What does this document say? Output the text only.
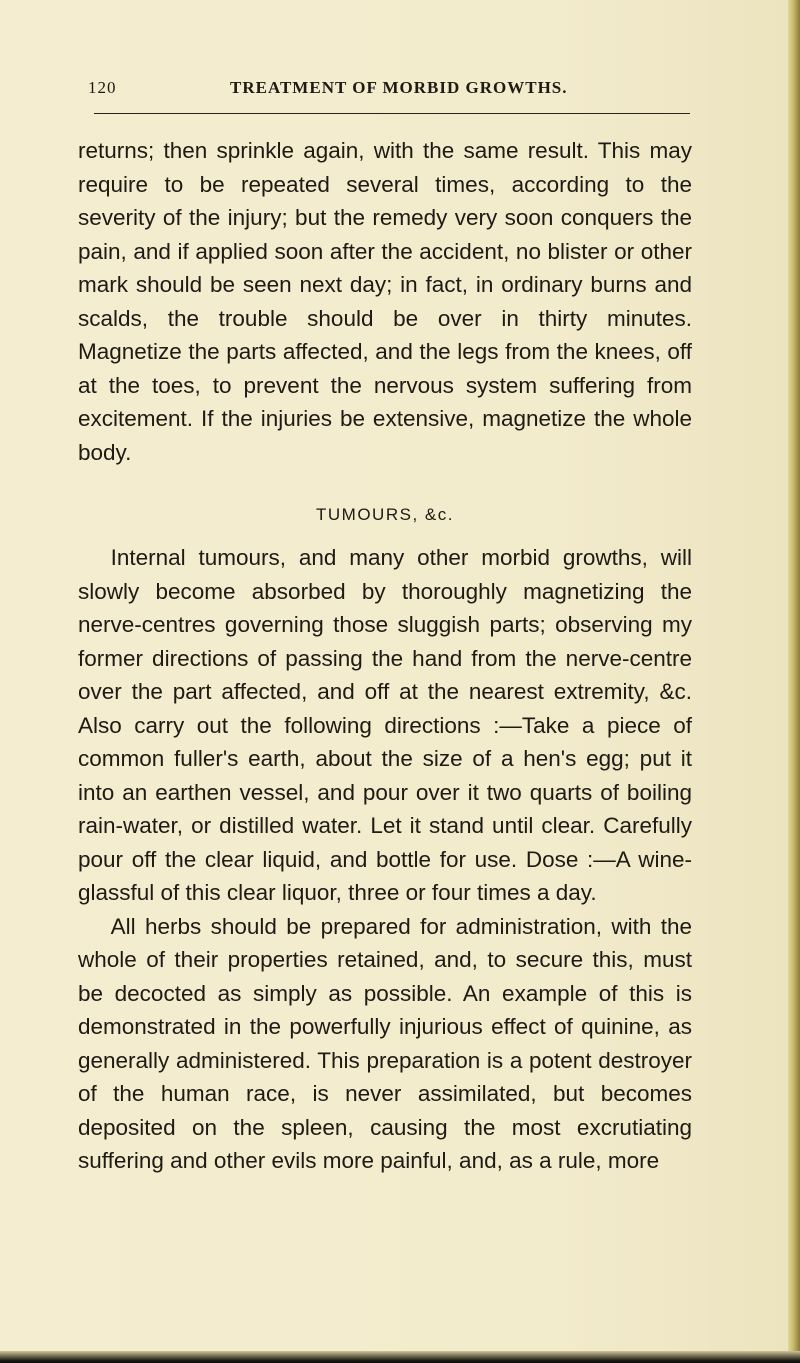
120	TREATMENT OF MORBID GROWTHS.

returns; then sprinkle again, with the same result. This may require to be repeated several times, according to the severity of the injury; but the remedy very soon conquers the pain, and if applied soon after the accident, no blister or other mark should be seen next day; in fact, in ordinary burns and scalds, the trouble should be over in thirty minutes. Magnetize the parts affected, and the legs from the knees, off at the toes, to prevent the nervous system suffering from excitement. If the injuries be extensive, magnetize the whole body.

TUMOURS, &c.

Internal tumours, and many other morbid growths, will slowly become absorbed by thoroughly magnetizing the nerve-centres governing those sluggish parts; observing my former directions of passing the hand from the nerve-centre over the part affected, and off at the nearest extremity, &c. Also carry out the following directions :—Take a piece of common fuller's earth, about the size of a hen's egg; put it into an earthen vessel, and pour over it two quarts of boiling rain-water, or distilled water. Let it stand until clear. Carefully pour off the clear liquid, and bottle for use. Dose :—A wine-glassful of this clear liquor, three or four times a day.

All herbs should be prepared for administration, with the whole of their properties retained, and, to secure this, must be decocted as simply as possible. An example of this is demonstrated in the powerfully injurious effect of quinine, as generally administered. This preparation is a potent destroyer of the human race, is never assimilated, but becomes deposited on the spleen, causing the most excrutiating suffering and other evils more painful, and, as a rule, more
